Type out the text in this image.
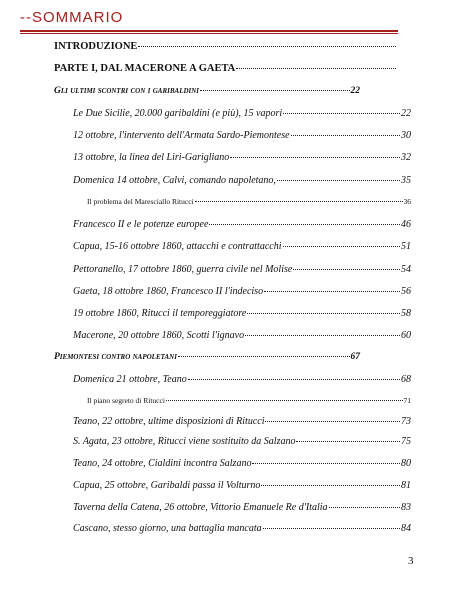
--SOMMARIO
INTRODUZIONE
PARTE I, DAL MACERONE A GAETA
Gli ultimi scontri con i garibaldini	22
Le Due Sicilie, 20.000 garibaldini (e più), 15 vapori	22
12 ottobre, l'intervento dell'Armata Sardo-Piemontese	30
13 ottobre, la linea del Liri-Garigliano	32
Domenica 14 ottobre, Calvi, comando napoletano,	35
Il problema del Maresciallo Ritucci	36
Francesco II e le potenze europee	46
Capua, 15-16 ottobre 1860, attacchi e contrattacchi	51
Pettoranello, 17 ottobre 1860, guerra civile nel Molise	54
Gaeta, 18 ottobre 1860, Francesco II l'indeciso	56
19 ottobre 1860, Ritucci il temporeggiatore	58
Macerone, 20 ottobre 1860, Scotti l'ignavo	60
Piemontesi contro napoletani	67
Domenica 21 ottobre, Teano	68
Il piano segreto di Ritucci	71
Teano, 22 ottobre, ultime disposizioni di Ritucci	73
S. Agata, 23 ottobre, Ritucci viene sostituito da Salzano	75
Teano, 24 ottobre, Cialdini incontra Salzano	80
Capua, 25 ottobre, Garibaldi passa il Volturno	81
Taverna della Catena, 26 ottobre, Vittorio Emanuele Re d'Italia	83
Cascano, stesso giorno, una battaglia mancata	84
3
